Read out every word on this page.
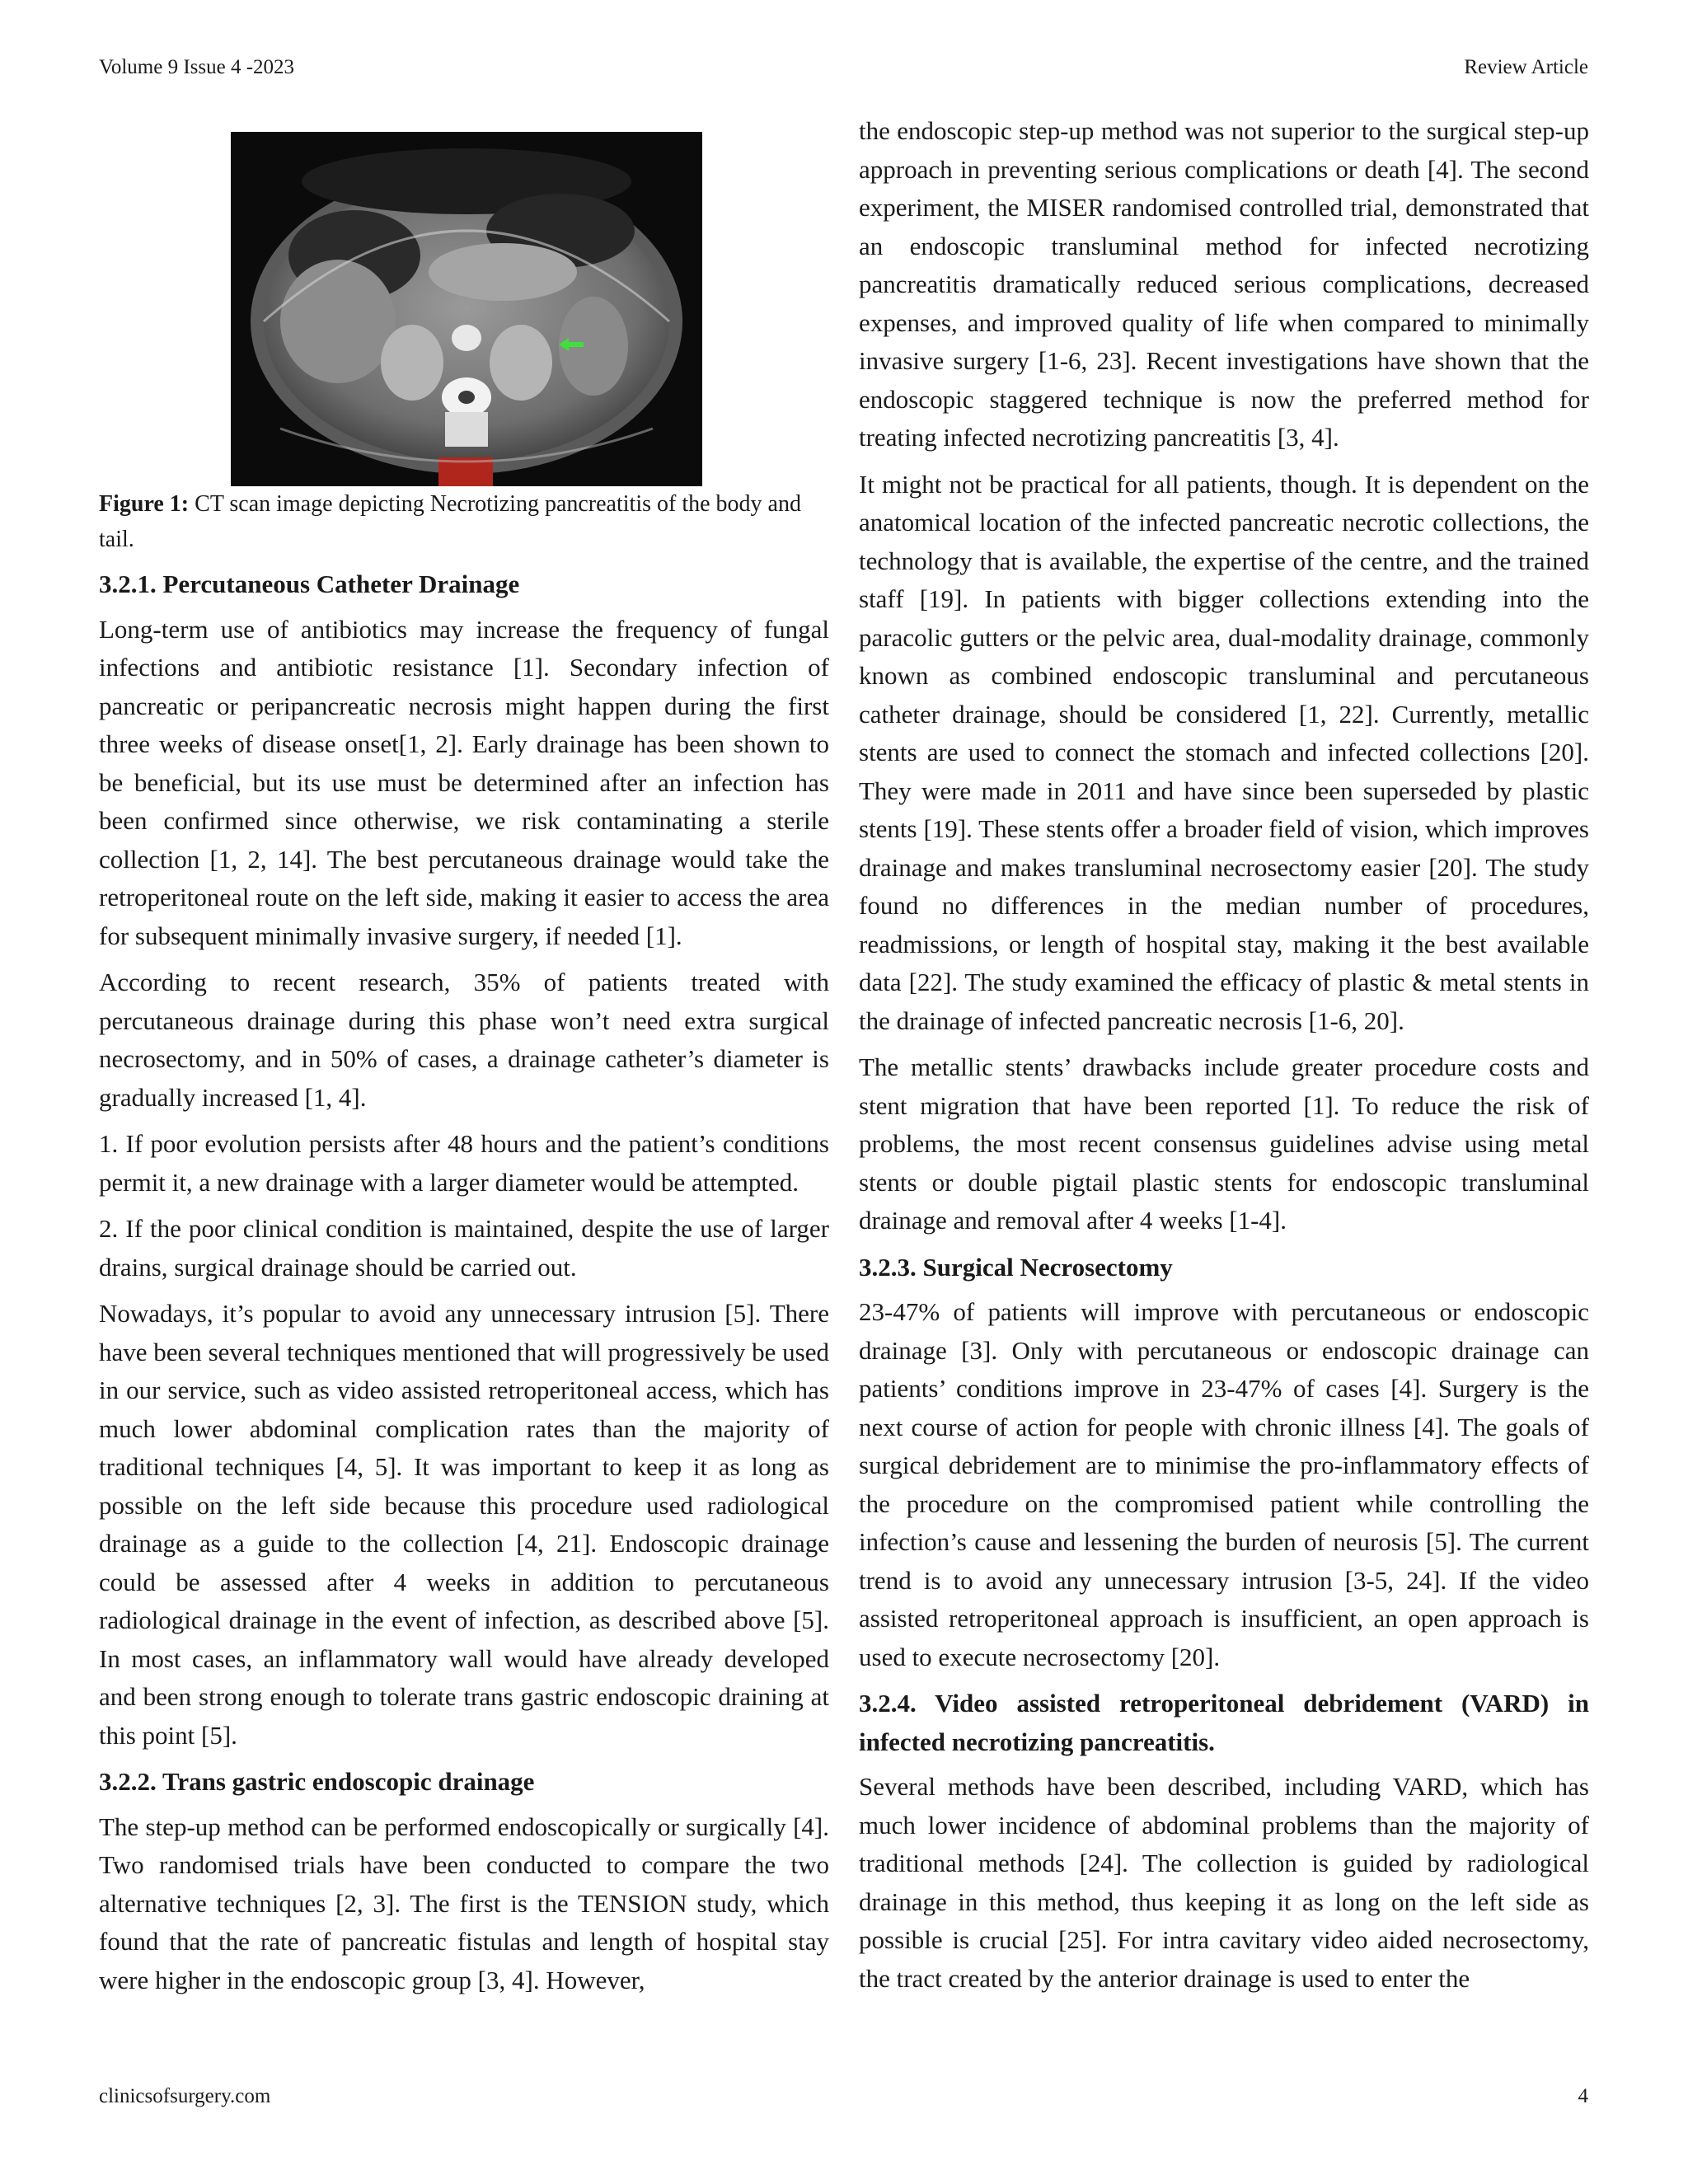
Volume 9 Issue 4 -2023	Review Article

Figure 1: CT scan image depicting Necrotizing pancreatitis of the body and tail.

3.2.1. Percutaneous Catheter Drainage

Long-term use of antibiotics may increase the frequency of fungal infections and antibiotic resistance [1]. Secondary infection of pancreatic or peripancreatic necrosis might happen during the first three weeks of disease onset[1, 2]. Early drainage has been shown to be beneficial, but its use must be determined after an infection has been confirmed since otherwise, we risk contaminating a sterile collection [1, 2, 14]. The best percutaneous drainage would take the retroperitoneal route on the left side, making it easier to access the area for subsequent minimally invasive surgery, if needed [1].

According to recent research, 35% of patients treated with percutaneous drainage during this phase won’t need extra surgical necrosectomy, and in 50% of cases, a drainage catheter’s diameter is gradually increased [1, 4].

1. If poor evolution persists after 48 hours and the patient’s conditions permit it, a new drainage with a larger diameter would be attempted.

2. If the poor clinical condition is maintained, despite the use of larger drains, surgical drainage should be carried out.

Nowadays, it’s popular to avoid any unnecessary intrusion [5]. There have been several techniques mentioned that will progressively be used in our service, such as video assisted retroperitoneal access, which has much lower abdominal complication rates than the majority of traditional techniques [4, 5]. It was important to keep it as long as possible on the left side because this procedure used radiological drainage as a guide to the collection [4, 21]. Endoscopic drainage could be assessed after 4 weeks in addition to percutaneous radiological drainage in the event of infection, as described above [5]. In most cases, an inflammatory wall would have already developed and been strong enough to tolerate trans gastric endoscopic draining at this point [5].

3.2.2. Trans gastric endoscopic drainage

The step-up method can be performed endoscopically or surgically [4]. Two randomised trials have been conducted to compare the two alternative techniques [2, 3]. The first is the TENSION study, which found that the rate of pancreatic fistulas and length of hospital stay were higher in the endoscopic group [3, 4]. However,

the endoscopic step-up method was not superior to the surgical step-up approach in preventing serious complications or death [4]. The second experiment, the MISER randomised controlled trial, demonstrated that an endoscopic transluminal method for infected necrotizing pancreatitis dramatically reduced serious complications, decreased expenses, and improved quality of life when compared to minimally invasive surgery [1-6, 23]. Recent investigations have shown that the endoscopic staggered technique is now the preferred method for treating infected necrotizing pancreatitis [3, 4].

It might not be practical for all patients, though. It is dependent on the anatomical location of the infected pancreatic necrotic collections, the technology that is available, the expertise of the centre, and the trained staff [19]. In patients with bigger collections extending into the paracolic gutters or the pelvic area, dual-modality drainage, commonly known as combined endoscopic transluminal and percutaneous catheter drainage, should be considered [1, 22]. Currently, metallic stents are used to connect the stomach and infected collections [20]. They were made in 2011 and have since been superseded by plastic stents [19]. These stents offer a broader field of vision, which improves drainage and makes transluminal necrosectomy easier [20]. The study found no differences in the median number of procedures, readmissions, or length of hospital stay, making it the best available data [22]. The study examined the efficacy of plastic & metal stents in the drainage of infected pancreatic necrosis [1-6, 20].

The metallic stents’ drawbacks include greater procedure costs and stent migration that have been reported [1]. To reduce the risk of problems, the most recent consensus guidelines advise using metal stents or double pigtail plastic stents for endoscopic transluminal drainage and removal after 4 weeks [1-4].

3.2.3. Surgical Necrosectomy

23-47% of patients will improve with percutaneous or endoscopic drainage [3]. Only with percutaneous or endoscopic drainage can patients’ conditions improve in 23-47% of cases [4]. Surgery is the next course of action for people with chronic illness [4]. The goals of surgical debridement are to minimise the pro-inflammatory effects of the procedure on the compromised patient while controlling the infection’s cause and lessening the burden of neurosis [5]. The current trend is to avoid any unnecessary intrusion [3-5, 24]. If the video assisted retroperitoneal approach is insufficient, an open approach is used to execute necrosectomy [20].

3.2.4. Video assisted retroperitoneal debridement (VARD) in infected necrotizing pancreatitis.

Several methods have been described, including VARD, which has much lower incidence of abdominal problems than the majority of traditional methods [24]. The collection is guided by radiological drainage in this method, thus keeping it as long on the left side as possible is crucial [25]. For intra cavitary video aided necrosectomy, the tract created by the anterior drainage is used to enter the

clinicsofsurgery.com	4
